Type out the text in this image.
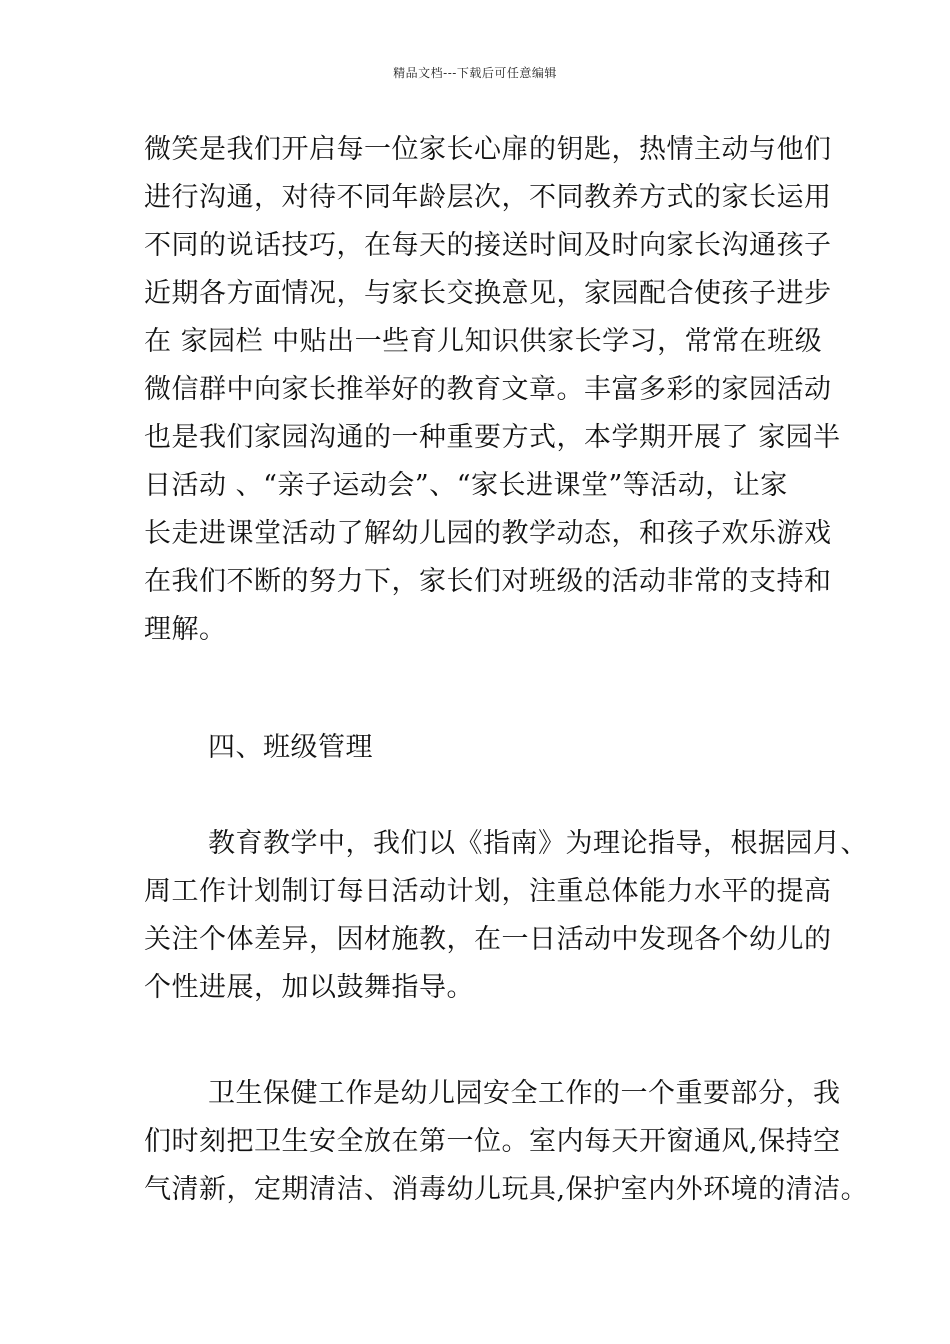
精品文档---下载后可任意编辑
微笑是我们开启每一位家长心扉的钥匙，热情主动与他们
进行沟通，对待不同年龄层次，不同教养方式的家长运用
不同的说话技巧，在每天的接送时间及时向家长沟通孩子
近期各方面情况，与家长交换意见，家园配合使孩子进步
在 家园栏 中贴出一些育儿知识供家长学习，常常在班级
微信群中向家长推举好的教育文章。丰富多彩的家园活动
也是我们家园沟通的一种重要方式，本学期开展了 家园半
日活动 、“亲子运动会”、“家长进课堂”等活动，让家
长走进课堂活动了解幼儿园的教学动态，和孩子欢乐游戏
在我们不断的努力下，家长们对班级的活动非常的支持和
理解。
四、班级管理
教育教学中，我们以《指南》为理论指导，根据园月、
周工作计划制订每日活动计划，注重总体能力水平的提高
关注个体差异，因材施教，在一日活动中发现各个幼儿的
个性进展，加以鼓舞指导。
卫生保健工作是幼儿园安全工作的一个重要部分，我
们时刻把卫生安全放在第一位。室内每天开窗通风,保持空
气清新，定期清洁、消毒幼儿玩具,保护室内外环境的清洁。
